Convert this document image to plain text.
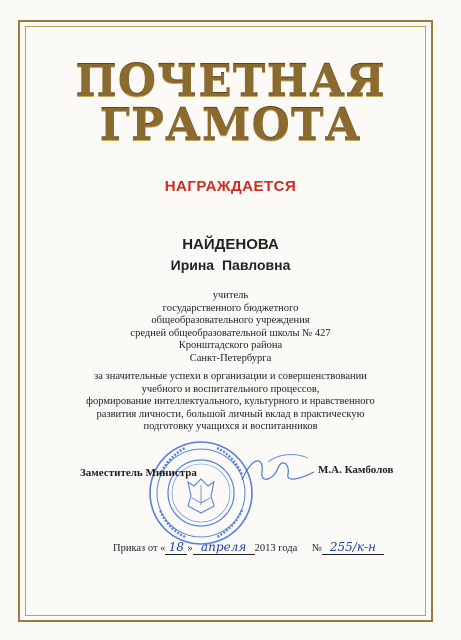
ПОЧЕТНАЯ
ГРАМОТА
НАГРАЖДАЕТСЯ
НАЙДЕНОВА
Ирина Павловна
учитель
государственного бюджетного
общеобразовательного учреждения
средней общеобразовательной школы № 427
Кронштадского района
Санкт-Петербурга
за значительные успехи в организации и совершенствовании
учебного и воспитательного процессов,
формирование интеллектуального, культурного и нравственного
развития личности, большой личный вклад в практическую
подготовку учащихся и воспитанников
Заместитель Министра	М.А. Камболов
Приказ от « 18 » апреля 2013 года № 255/к-н
